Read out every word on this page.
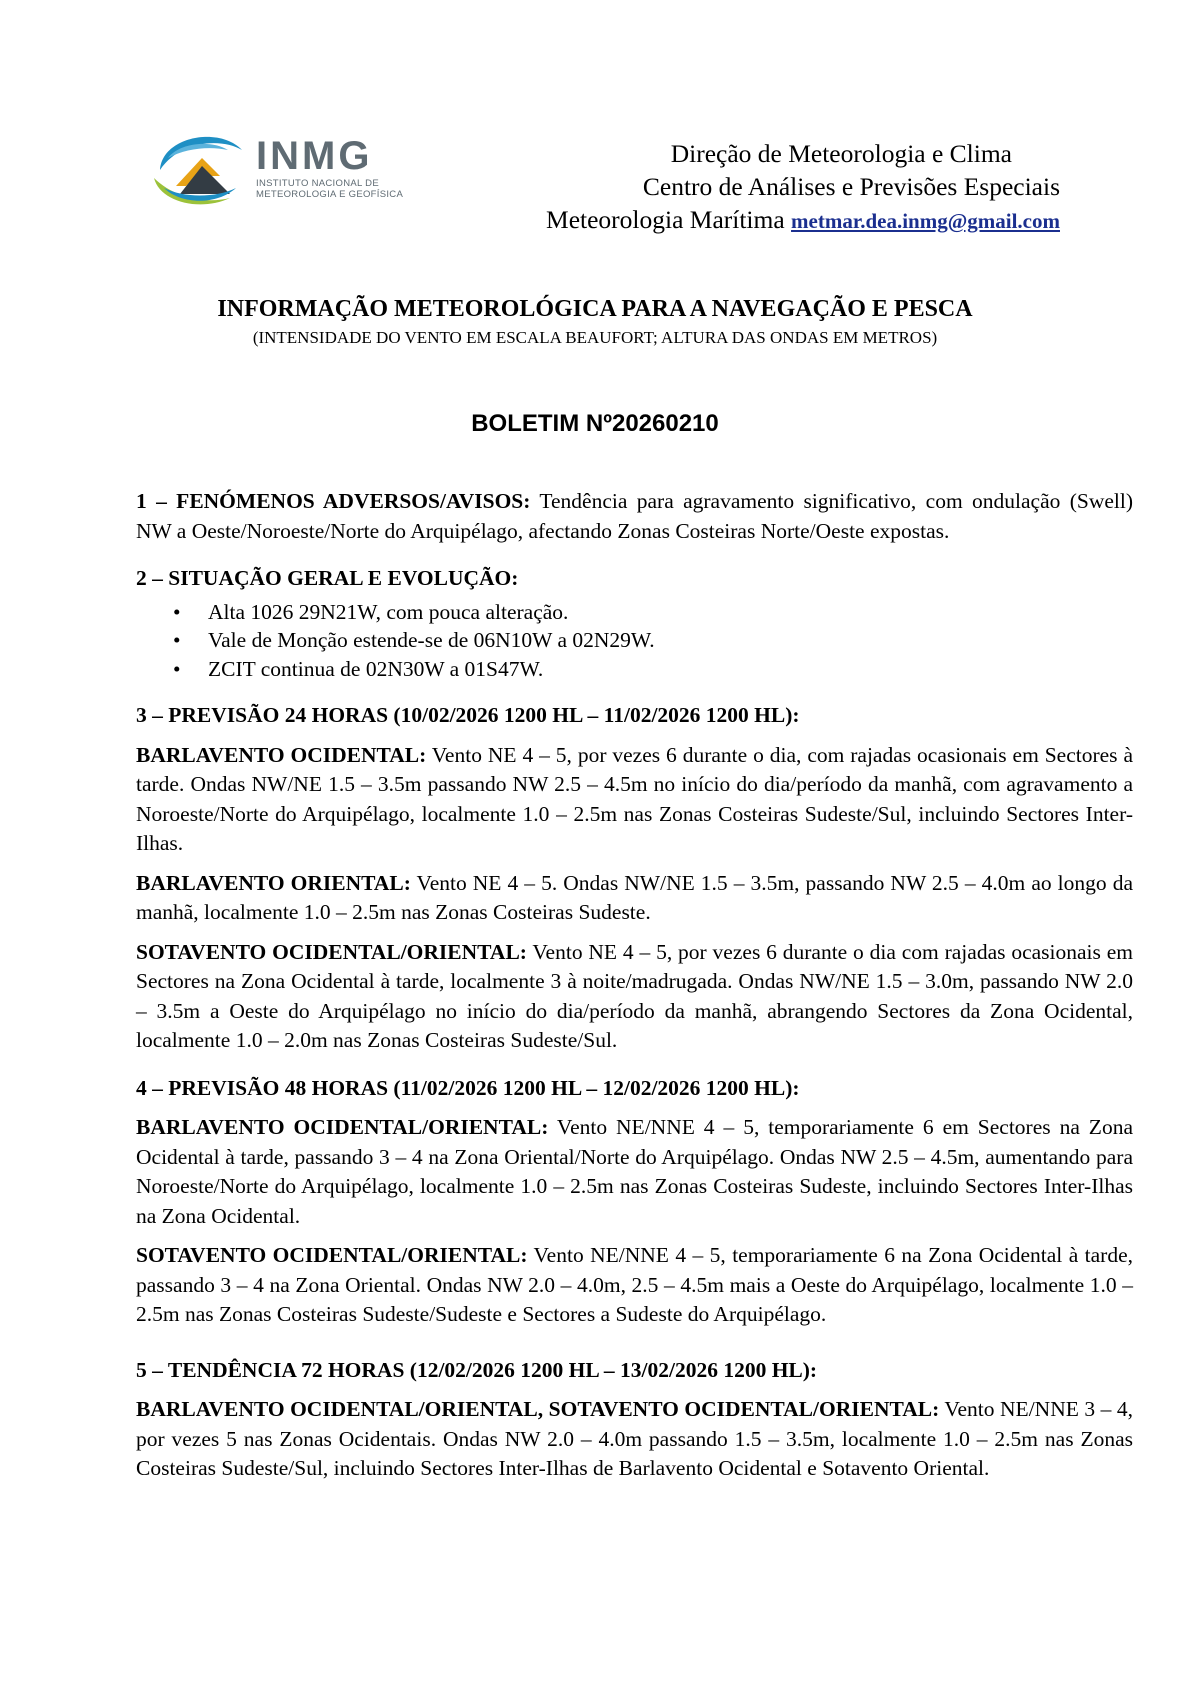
INMG
INSTITUTO NACIONAL DE
METEOROLOGIA E GEOFÍSICA
Direção de Meteorologia e Clima
Centro de Análises e Previsões Especiais
Meteorologia Marítima metmar.dea.inmg@gmail.com
INFORMAÇÃO METEOROLÓGICA PARA A NAVEGAÇÃO E PESCA
(INTENSIDADE DO VENTO EM ESCALA BEAUFORT; ALTURA DAS ONDAS EM METROS)
BOLETIM Nº20260210

1 – FENÓMENOS ADVERSOS/AVISOS: Tendência para agravamento significativo, com ondulação (Swell) NW a Oeste/Noroeste/Norte do Arquipélago, afectando Zonas Costeiras Norte/Oeste expostas.

2 – SITUAÇÃO GERAL E EVOLUÇÃO:

• Alta 1026 29N21W, com pouca alteração.
• Vale de Monção estende-se de 06N10W a 02N29W.
• ZCIT continua de 02N30W a 01S47W.

3 – PREVISÃO 24 HORAS (10/02/2026 1200 HL – 11/02/2026 1200 HL):

BARLAVENTO OCIDENTAL: Vento NE 4 – 5, por vezes 6 durante o dia, com rajadas ocasionais em Sectores à tarde. Ondas NW/NE 1.5 – 3.5m passando NW 2.5 – 4.5m no início do dia/período da manhã, com agravamento a Noroeste/Norte do Arquipélago, localmente 1.0 – 2.5m nas Zonas Costeiras Sudeste/Sul, incluindo Sectores Inter-Ilhas.

BARLAVENTO ORIENTAL: Vento NE 4 – 5. Ondas NW/NE 1.5 – 3.5m, passando NW 2.5 – 4.0m ao longo da manhã, localmente 1.0 – 2.5m nas Zonas Costeiras Sudeste.

SOTAVENTO OCIDENTAL/ORIENTAL: Vento NE 4 – 5, por vezes 6 durante o dia com rajadas ocasionais em Sectores na Zona Ocidental à tarde, localmente 3 à noite/madrugada. Ondas NW/NE 1.5 – 3.0m, passando NW 2.0 – 3.5m a Oeste do Arquipélago no início do dia/período da manhã, abrangendo Sectores da Zona Ocidental, localmente 1.0 – 2.0m nas Zonas Costeiras Sudeste/Sul.

4 – PREVISÃO 48 HORAS (11/02/2026 1200 HL – 12/02/2026 1200 HL):

BARLAVENTO OCIDENTAL/ORIENTAL: Vento NE/NNE 4 – 5, temporariamente 6 em Sectores na Zona Ocidental à tarde, passando 3 – 4 na Zona Oriental/Norte do Arquipélago. Ondas NW 2.5 – 4.5m, aumentando para Noroeste/Norte do Arquipélago, localmente 1.0 – 2.5m nas Zonas Costeiras Sudeste, incluindo Sectores Inter-Ilhas na Zona Ocidental.

SOTAVENTO OCIDENTAL/ORIENTAL: Vento NE/NNE 4 – 5, temporariamente 6 na Zona Ocidental à tarde, passando 3 – 4 na Zona Oriental. Ondas NW 2.0 – 4.0m, 2.5 – 4.5m mais a Oeste do Arquipélago, localmente 1.0 – 2.5m nas Zonas Costeiras Sudeste/Sudeste e Sectores a Sudeste do Arquipélago.

5 – TENDÊNCIA 72 HORAS (12/02/2026 1200 HL – 13/02/2026 1200 HL):

BARLAVENTO OCIDENTAL/ORIENTAL, SOTAVENTO OCIDENTAL/ORIENTAL: Vento NE/NNE 3 – 4, por vezes 5 nas Zonas Ocidentais. Ondas NW 2.0 – 4.0m passando 1.5 – 3.5m, localmente 1.0 – 2.5m nas Zonas Costeiras Sudeste/Sul, incluindo Sectores Inter-Ilhas de Barlavento Ocidental e Sotavento Oriental.
